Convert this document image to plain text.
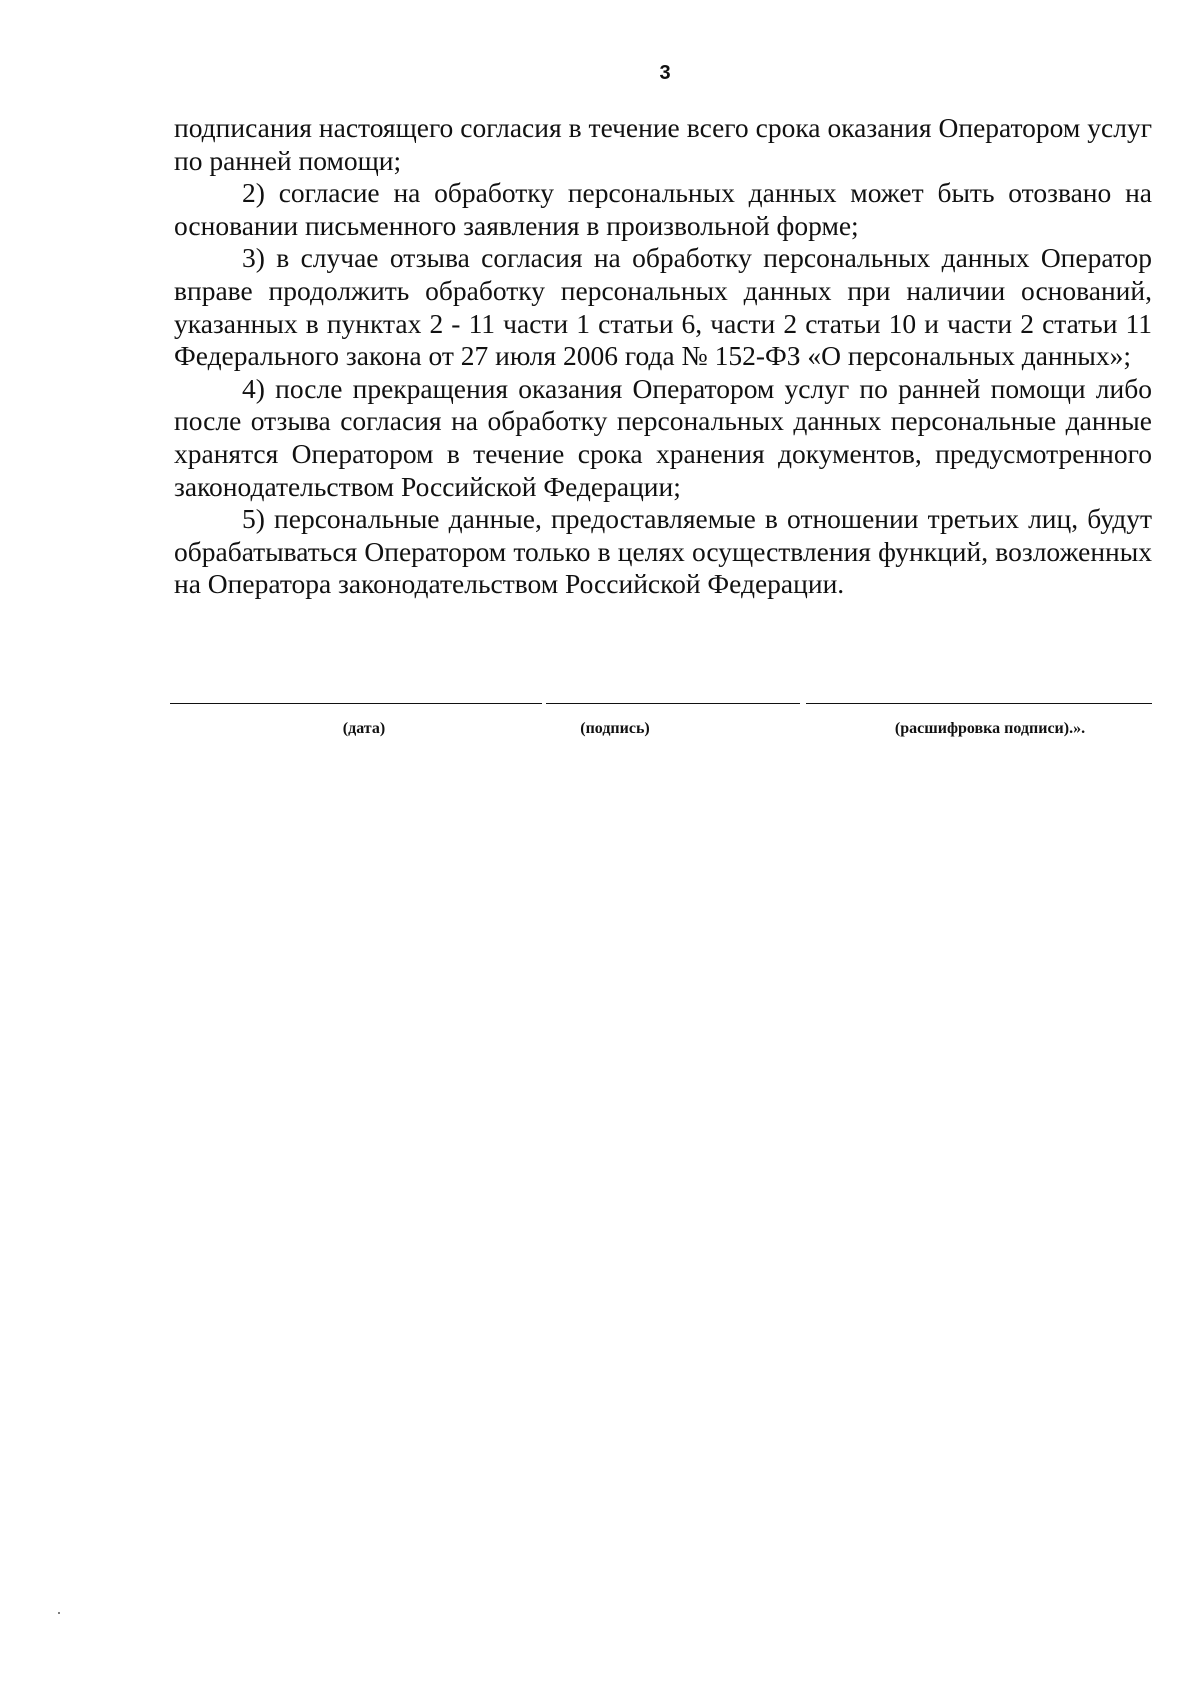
3

подписания настоящего согласия в течение всего срока оказания Оператором услуг по ранней помощи;

2) согласие на обработку персональных данных может быть отозвано на основании письменного заявления в произвольной форме;

3) в случае отзыва согласия на обработку персональных данных Оператор вправе продолжить обработку персональных данных при наличии оснований, указанных в пунктах 2 - 11 части 1 статьи 6, части 2 статьи 10 и части 2 статьи 11 Федерального закона от 27 июля 2006 года № 152-ФЗ «О персональных данных»;

4) после прекращения оказания Оператором услуг по ранней помощи либо после отзыва согласия на обработку персональных данных персональные данные хранятся Оператором в течение срока хранения документов, предусмотренного законодательством Российской Федерации;

5) персональные данные, предоставляемые в отношении третьих лиц, будут обрабатываться Оператором только в целях осуществления функций, возложенных на Оператора законодательством Российской Федерации.

(дата)	(подпись)	(расшифровка подписи).».
